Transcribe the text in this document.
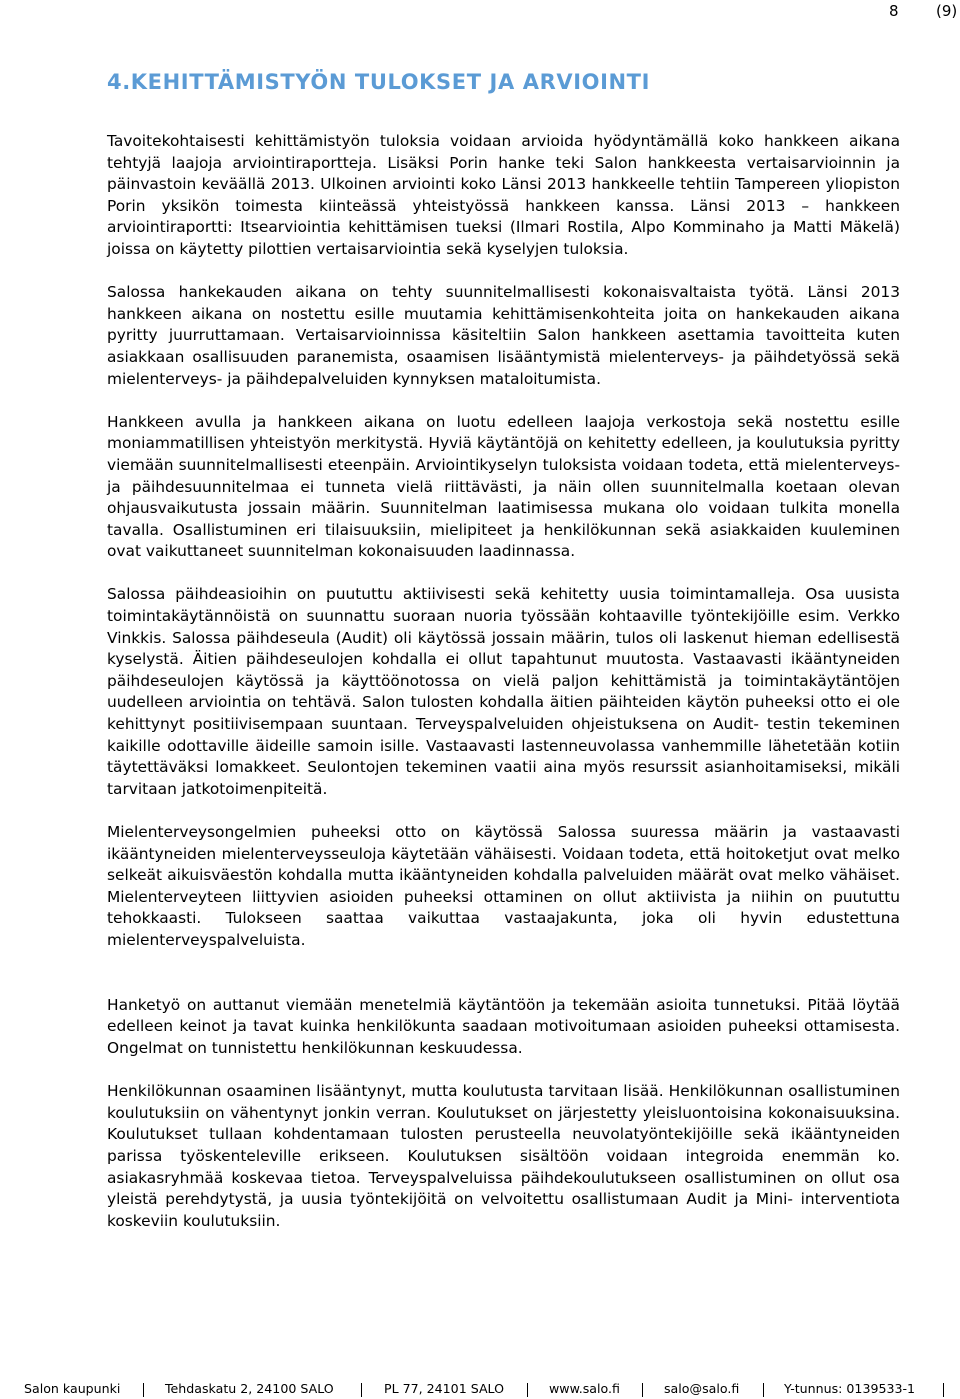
8 (9)
4.KEHITTÄMISTYÖN TULOKSET JA ARVIOINTI

Tavoitekohtaisesti kehittämistyön tuloksia voidaan arvioida hyödyntämällä koko hankkeen aikana tehtyjä laajoja arviointiraportteja. Lisäksi Porin hanke teki Salon hankkeesta vertaisarvioinnin ja päinvastoin keväällä 2013. Ulkoinen arviointi koko Länsi 2013 hankkeelle tehtiin Tampereen yliopiston Porin yksikön toimesta kiinteässä yhteistyössä hankkeen kanssa. Länsi 2013 – hankkeen arviointiraportti: Itsearviointia kehittämisen tueksi (Ilmari Rostila, Alpo Komminaho ja Matti Mäkelä) joissa on käytetty pilottien vertaisarviointia sekä kyselyjen tuloksia.

Salossa hankekauden aikana on tehty suunnitelmallisesti kokonaisvaltaista työtä. Länsi 2013 hankkeen aikana on nostettu esille muutamia kehittämisenkohteita joita on hankekauden aikana pyritty juurruttamaan. Vertaisarvioinnissa käsiteltiin Salon hankkeen asettamia tavoitteita kuten asiakkaan osallisuuden paranemista, osaamisen lisääntymistä mielenterveys- ja päihdetyössä sekä mielenterveys- ja päihdepalveluiden kynnyksen mataloitumista.

Hankkeen avulla ja hankkeen aikana on luotu edelleen laajoja verkostoja sekä nostettu esille moniammatillisen yhteistyön merkitystä. Hyviä käytäntöjä on kehitetty edelleen, ja koulutuksia pyritty viemään suunnitelmallisesti eteenpäin. Arviointikyselyn tuloksista voidaan todeta, että mielenterveys- ja päihdesuunnitelmaa ei tunneta vielä riittävästi, ja näin ollen suunnitelmalla koetaan olevan ohjausvaikutusta jossain määrin. Suunnitelman laatimisessa mukana olo voidaan tulkita monella tavalla. Osallistuminen eri tilaisuuksiin, mielipiteet ja henkilökunnan sekä asiakkaiden kuuleminen ovat vaikuttaneet suunnitelman kokonaisuuden laadinnassa.

Salossa päihdeasioihin on puututtu aktiivisesti sekä kehitetty uusia toimintamalleja. Osa uusista toimintakäytännöistä on suunnattu suoraan nuoria työssään kohtaaville työntekijöille esim. Verkko Vinkkis. Salossa päihdeseula (Audit) oli käytössä jossain määrin, tulos oli laskenut hieman edellisestä kyselystä. Äitien päihdeseulojen kohdalla ei ollut tapahtunut muutosta. Vastaavasti ikääntyneiden päihdeseulojen käytössä ja käyttöönotossa on vielä paljon kehittämistä ja toimintakäytäntöjen uudelleen arviointia on tehtävä. Salon tulosten kohdalla äitien päihteiden käytön puheeksi otto ei ole kehittynyt positiivisempaan suuntaan. Terveyspalveluiden ohjeistuksena on Audit- testin tekeminen kaikille odottaville äideille samoin isille. Vastaavasti lastenneuvolassa vanhemmille lähetetään kotiin täytettäväksi lomakkeet. Seulontojen tekeminen vaatii aina myös resurssit asianhoitamiseksi, mikäli tarvitaan jatkotoimenpiteitä.

Mielenterveysongelmien puheeksi otto on käytössä Salossa suuressa määrin ja vastaavasti ikääntyneiden mielenterveysseuloja käytetään vähäisesti. Voidaan todeta, että hoitoketjut ovat melko selkeät aikuisväestön kohdalla mutta ikääntyneiden kohdalla palveluiden määrät ovat melko vähäiset. Mielenterveyteen liittyvien asioiden puheeksi ottaminen on ollut aktiivista ja niihin on puututtu tehokkaasti. Tulokseen saattaa vaikuttaa vastaajakunta, joka oli hyvin edustettuna mielenterveyspalveluista.

Hanketyö on auttanut viemään menetelmiä käytäntöön ja tekemään asioita tunnetuksi. Pitää löytää edelleen keinot ja tavat kuinka henkilökunta saadaan motivoitumaan asioiden puheeksi ottamisesta. Ongelmat on tunnistettu henkilökunnan keskuudessa.

Henkilökunnan osaaminen lisääntynyt, mutta koulutusta tarvitaan lisää. Henkilökunnan osallistuminen koulutuksiin on vähentynyt jonkin verran. Koulutukset on järjestetty yleisluontoisina kokonaisuuksina. Koulutukset tullaan kohdentamaan tulosten perusteella neuvolatyöntekijöille sekä ikääntyneiden parissa työskenteleville erikseen. Koulutuksen sisältöön voidaan integroida enemmän ko. asiakasryhmää koskevaa tietoa. Terveyspalveluissa päihdekoulutukseen osallistuminen on ollut osa yleistä perehdytystä, ja uusia työntekijöitä on velvoitettu osallistumaan Audit ja Mini- interventiota koskeviin koulutuksiin.

Salon kaupunki	Tehdaskatu 2, 24100 SALO	PL 77, 24101 SALO	www.salo.fi	salo@salo.fi	Y-tunnus: 0139533-1
